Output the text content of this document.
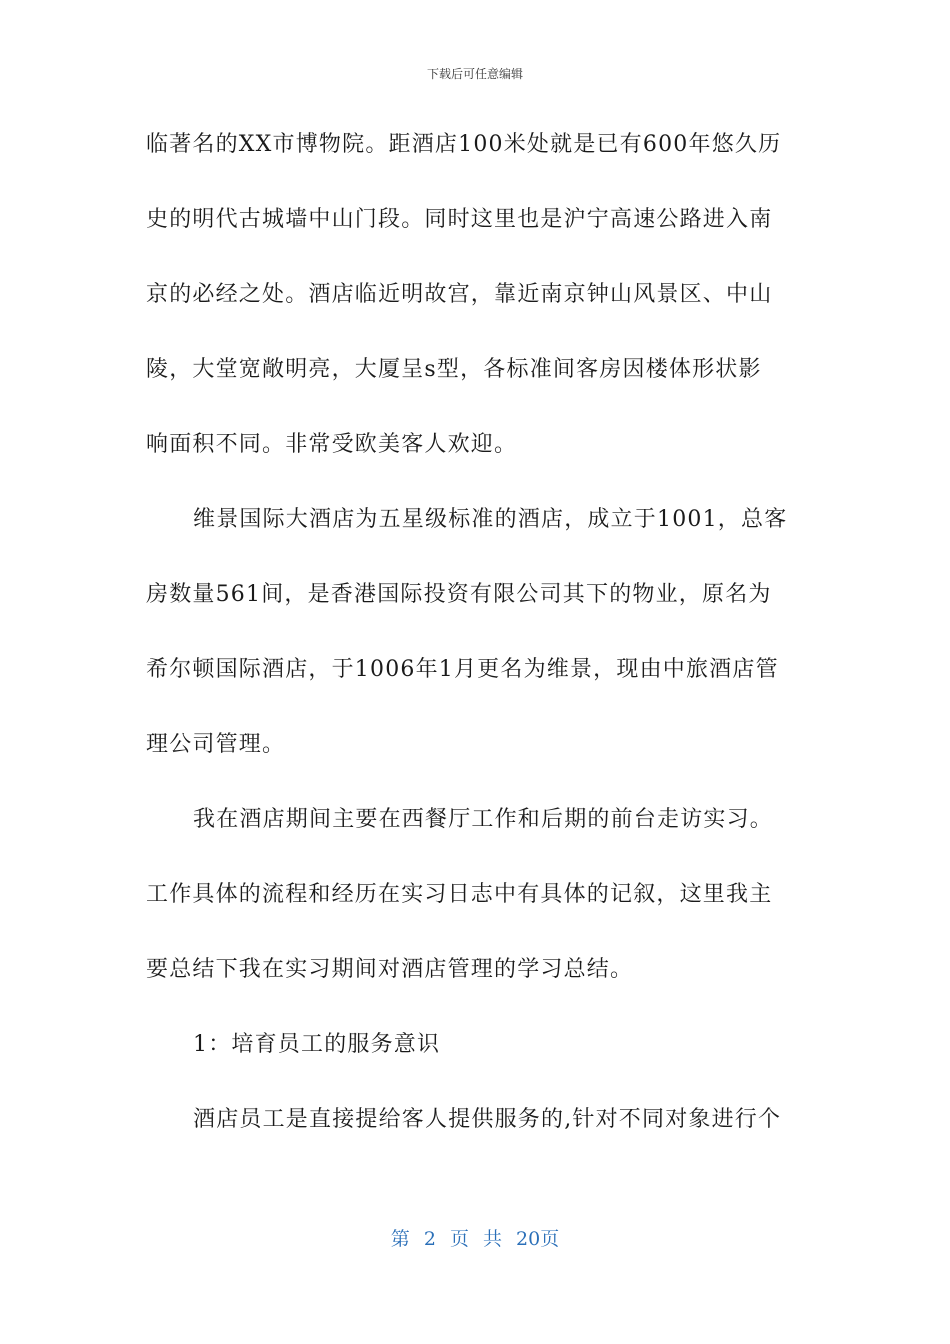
下载后可任意编辑
临著名的XX市博物院。距酒店100米处就是已有600年悠久历
史的明代古城墙中山门段。同时这里也是沪宁高速公路进入南
京的必经之处。酒店临近明故宫，靠近南京钟山风景区、中山
陵，大堂宽敞明亮，大厦呈s型，各标准间客房因楼体形状影
响面积不同。非常受欧美客人欢迎。
维景国际大酒店为五星级标准的酒店，成立于1001，总客
房数量561间，是香港国际投资有限公司其下的物业，原名为
希尔顿国际酒店，于1006年1月更名为维景，现由中旅酒店管
理公司管理。
我在酒店期间主要在西餐厅工作和后期的前台走访实习。
工作具体的流程和经历在实习日志中有具体的记叙，这里我主
要总结下我在实习期间对酒店管理的学习总结。
1：培育员工的服务意识
酒店员工是直接提给客人提供服务的,针对不同对象进行个
第 2 页 共 20页
